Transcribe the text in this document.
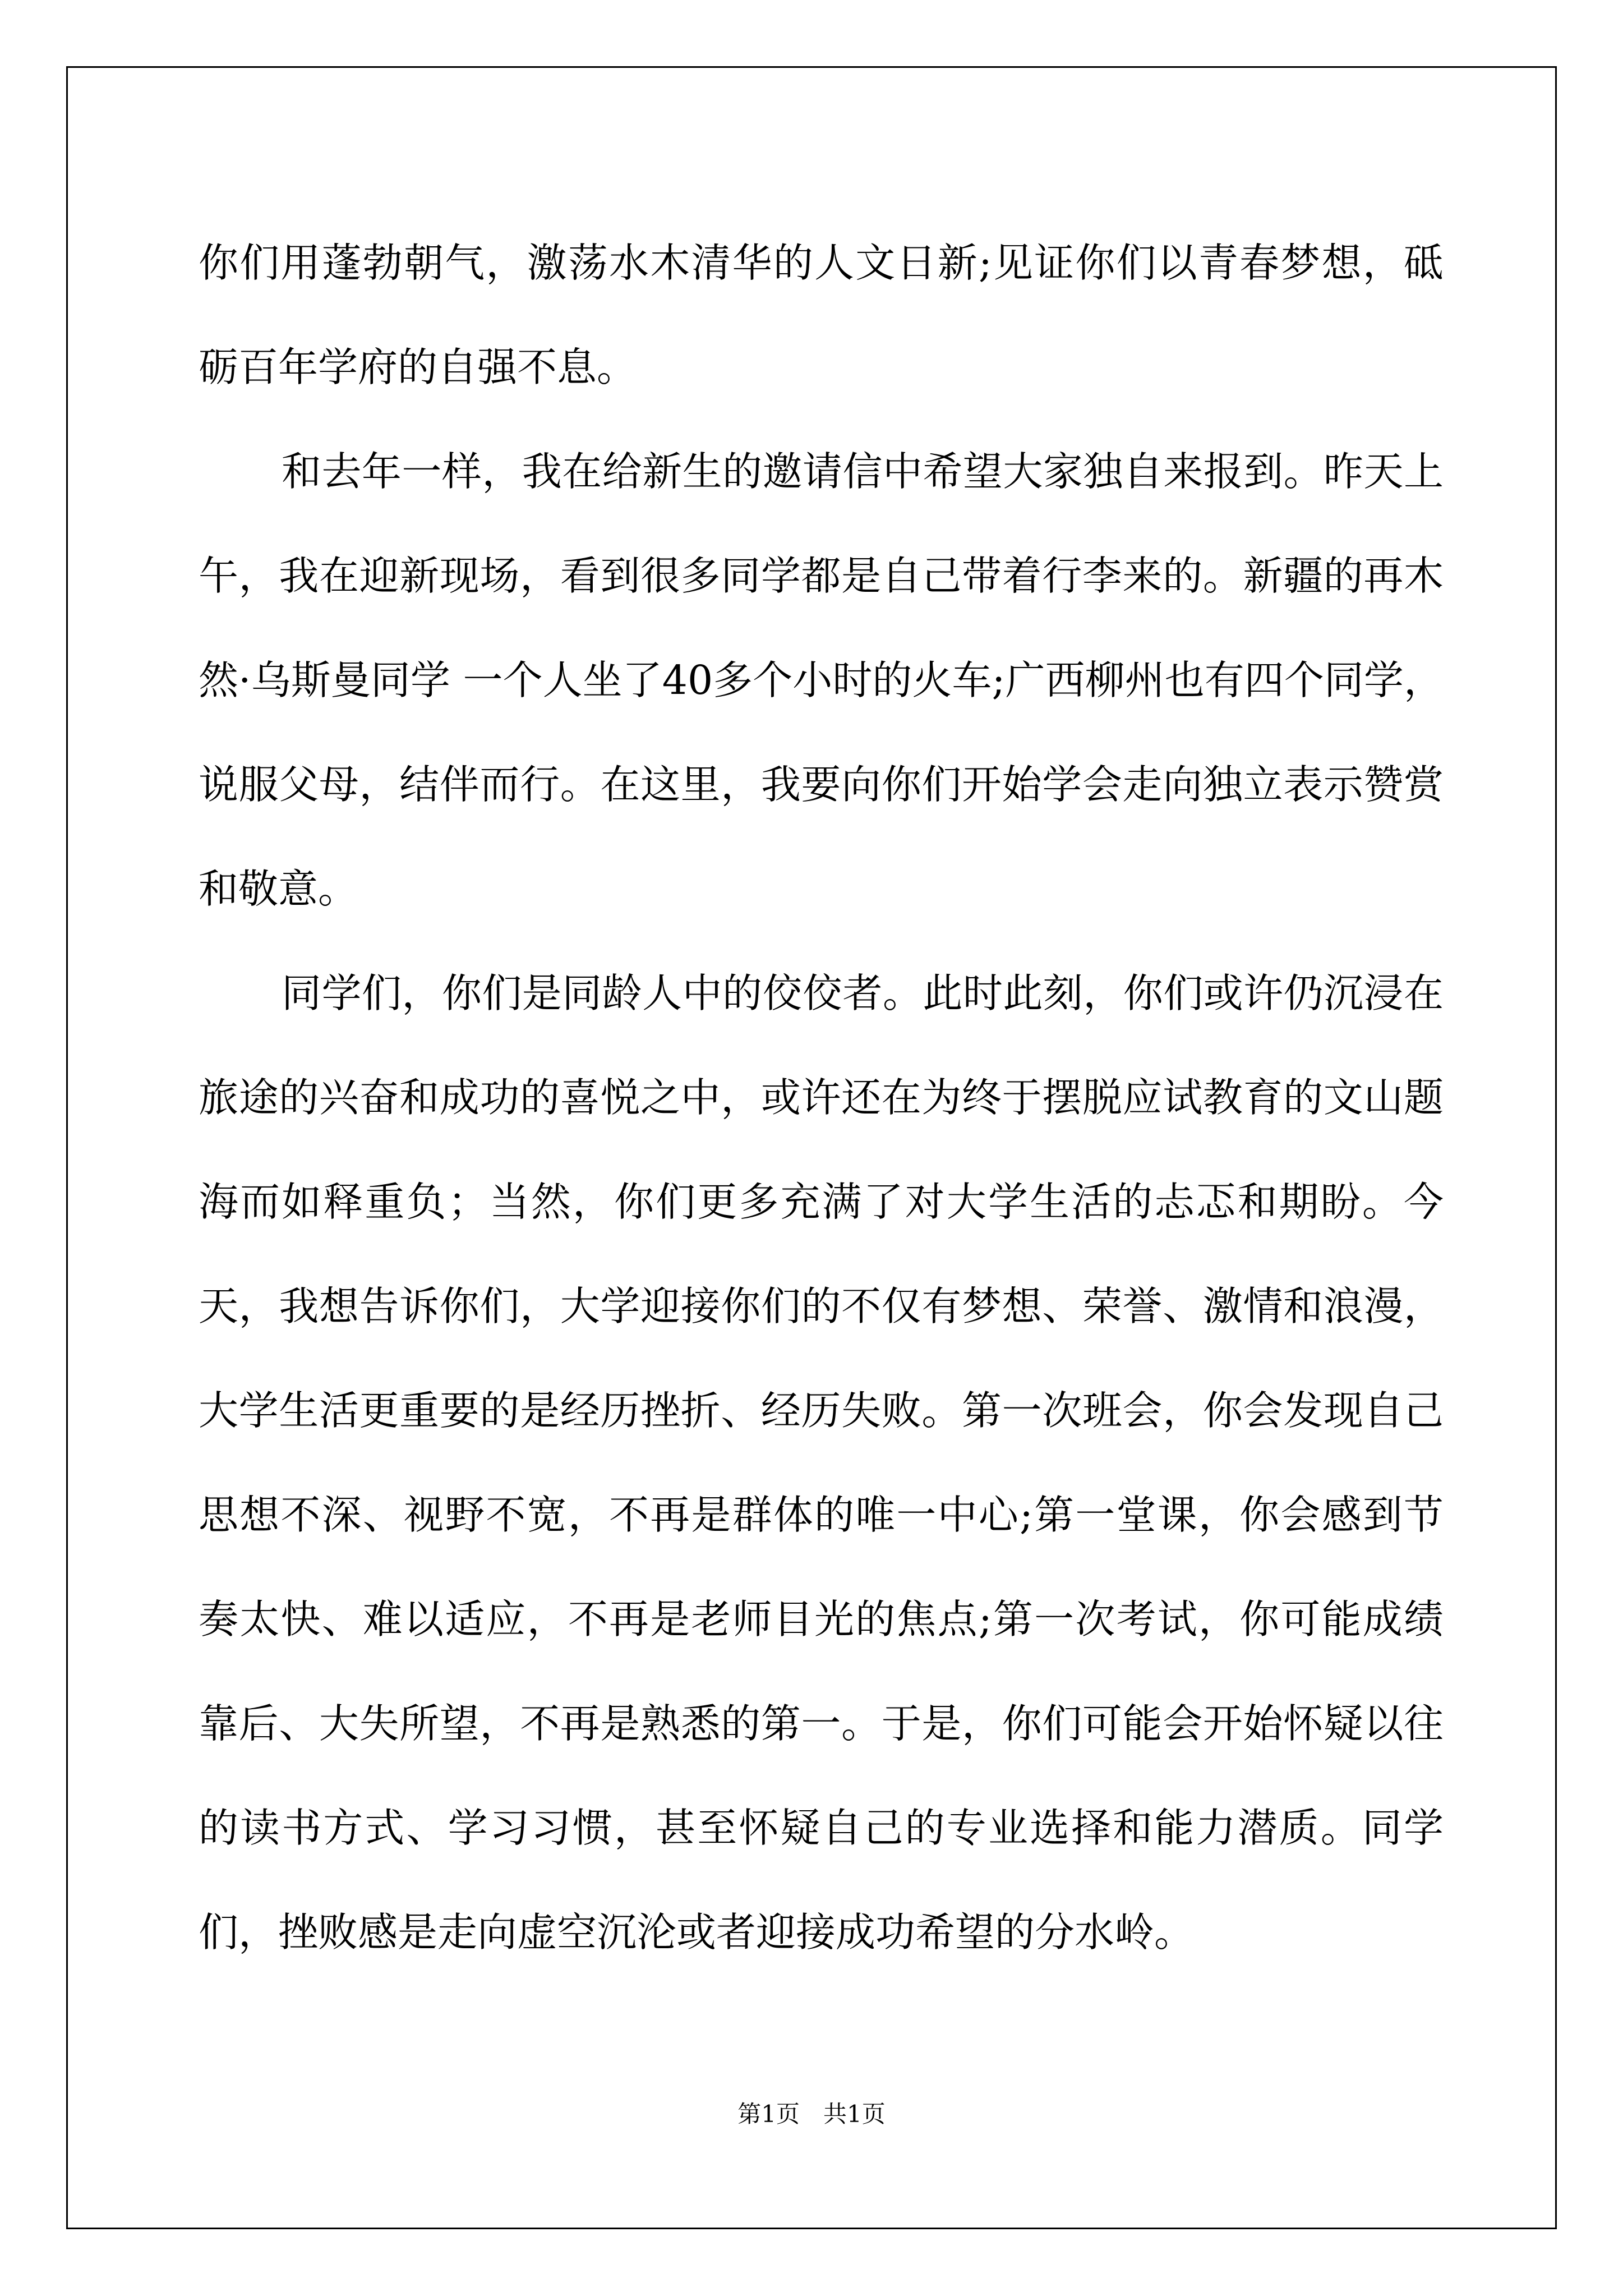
你们用蓬勃朝气，激荡水木清华的人文日新;见证你们以青春梦想，砥砺百年学府的自强不息。

和去年一样，我在给新生的邀请信中希望大家独自来报到。昨天上午，我在迎新现场，看到很多同学都是自己带着行李来的。新疆的再木然·乌斯曼同学 一个人坐了40多个小时的火车;广西柳州也有四个同学，说服父母，结伴而行。在这里，我要向你们开始学会走向独立表示赞赏和敬意。

同学们，你们是同龄人中的佼佼者。此时此刻，你们或许仍沉浸在旅途的兴奋和成功的喜悦之中，或许还在为终于摆脱应试教育的文山题海而如释重负；当然，你们更多充满了对大学生活的忐忑和期盼。今天，我想告诉你们，大学迎接你们的不仅有梦想、荣誉、激情和浪漫，大学生活更重要的是经历挫折、经历失败。第一次班会，你会发现自己思想不深、视野不宽，不再是群体的唯一中心;第一堂课，你会感到节奏太快、难以适应，不再是老师目光的焦点;第一次考试，你可能成绩靠后、大失所望，不再是熟悉的第一。于是，你们可能会开始怀疑以往的读书方式、学习习惯，甚至怀疑自己的专业选择和能力潜质。同学们，挫败感是走向虚空沉沦或者迎接成功希望的分水岭。

第1页　共1页
